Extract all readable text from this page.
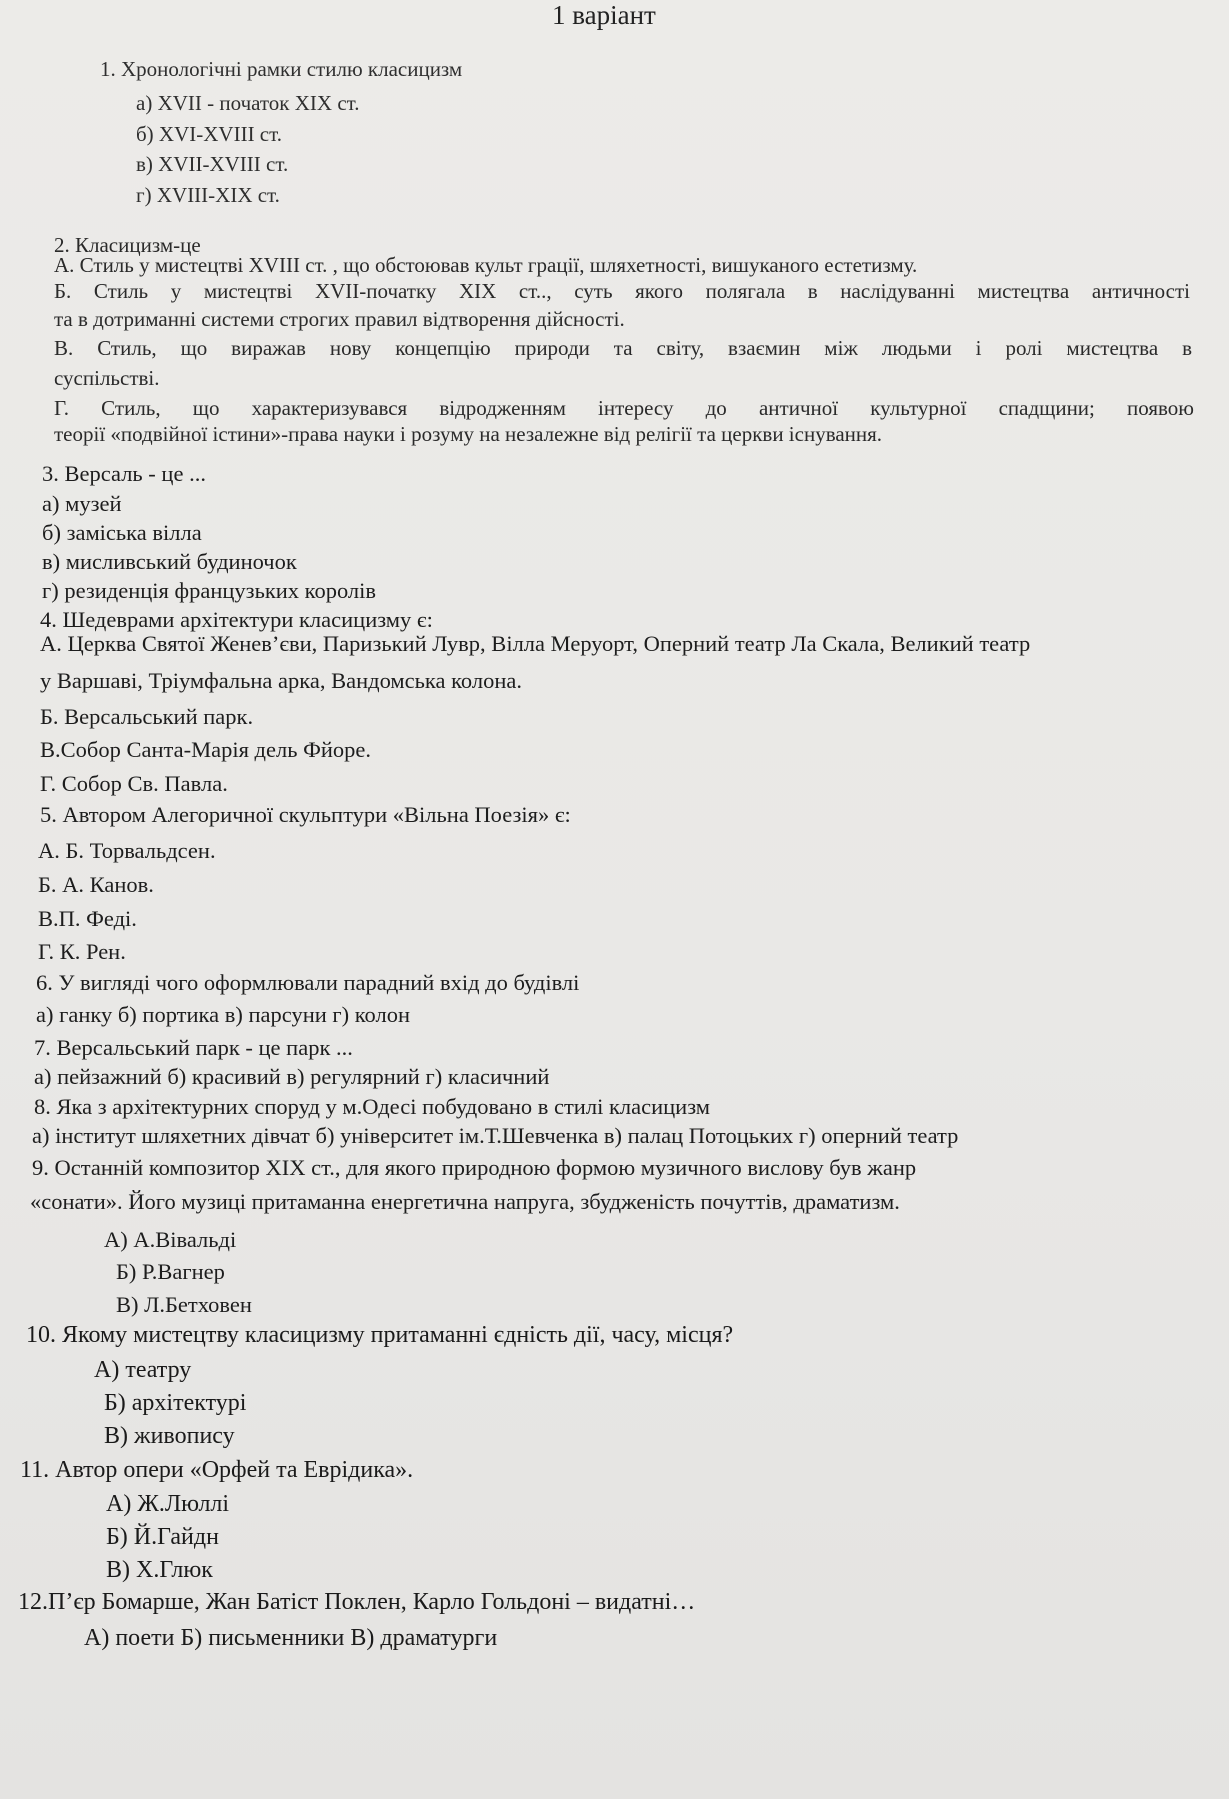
1 варіант
1. Хронологічні рамки стилю класицизм
а) XVII - початок XIX ст.
б) XVI-XVIII ст.
в) XVII-XVIII ст.
г) XVIII-XIX ст.
2. Класицизм-це
А. Стиль у мистецтві XVIII ст. , що обстоював культ грації, шляхетності, вишуканого естетизму.
Б. Стиль у мистецтві XVII-початку XIX ст.., суть якого полягала в наслідуванні мистецтва античності
та в дотриманні системи строгих правил відтворення дійсності.
В. Стиль, що виражав нову концепцію природи та світу, взаємин між людьми і ролі мистецтва в
суспільстві.
Г. Стиль, що характеризувався відродженням інтересу до античної культурної спадщини; появою
теорії «подвійної істини»-права науки і розуму на незалежне від релігії та церкви існування.
3. Версаль - це ...
а) музей
б) заміська вілла
в) мисливський будиночок
г) резиденція французьких королів
4. Шедеврами архітектури класицизму є:
А. Церква Святої Женев’єви, Паризький Лувр, Вілла Меруорт, Оперний театр Ла Скала, Великий театр
у Варшаві, Тріумфальна арка, Вандомська колона.
Б. Версальський парк.
В.Собор Санта-Марія дель Фйоре.
Г. Собор Св. Павла.
5. Автором Алегоричної скульптури «Вільна Поезія» є:
А. Б. Торвальдсен.
Б. А. Канов.
В.П. Феді.
Г. К. Рен.
6. У вигляді чого оформлювали парадний вхід до будівлі
а) ганку б) портика в) парсуни г) колон
7. Версальський парк - це парк ...
а) пейзажний б) красивий в) регулярний г) класичний
8. Яка з архітектурних споруд у м.Одесі побудовано в стилі класицизм
а) інститут шляхетних дівчат б) університет ім.Т.Шевченка в) палац Потоцьких г) оперний театр
9. Останній композитор XIX ст., для якого природною формою музичного вислову був жанр
«сонати». Його музиці притаманна енергетична напруга, збудженість почуттів, драматизм.
А) А.Вівальді
Б) Р.Вагнер
В) Л.Бетховен
10. Якому мистецтву класицизму притаманні єдність дії, часу, місця?
А) театру
Б) архітектурі
В) живопису
11. Автор опери «Орфей та Еврідика».
А) Ж.Люллі
Б) Й.Гайдн
В) Х.Глюк
12.П’єр Бомарше, Жан Батіст Поклен, Карло Гольдоні – видатні…
А) поети Б) письменники В) драматурги
